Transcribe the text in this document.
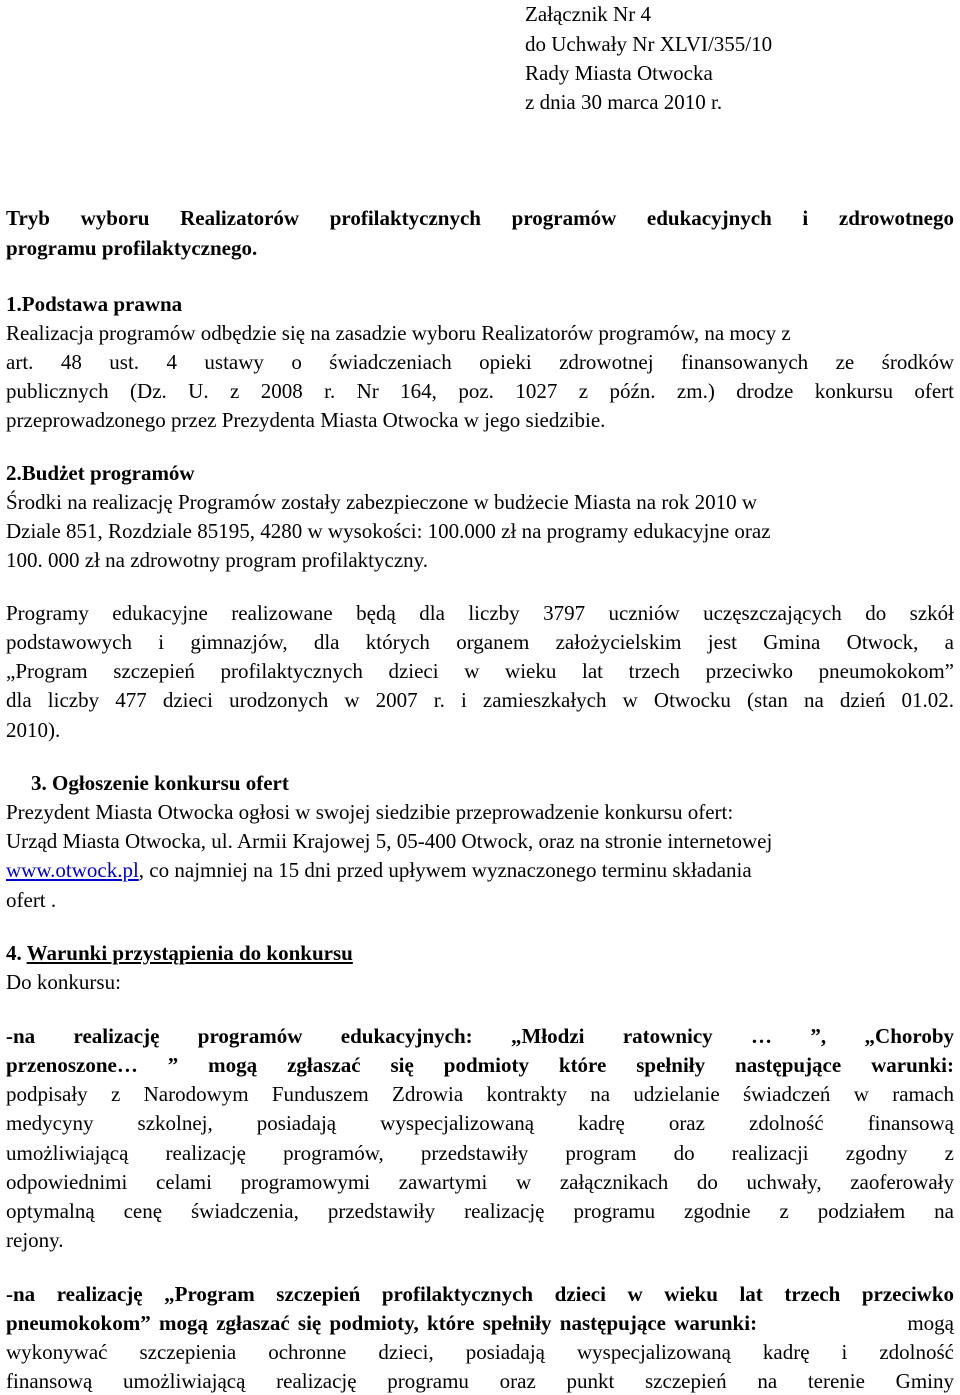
Załącznik Nr 4

do Uchwały Nr XLVI/355/10

Rady Miasta Otwocka

z dnia 30 marca 2010 r.

Tryb wyboru Realizatorów profilaktycznych programów edukacyjnych i zdrowotnego

programu profilaktycznego.

1.Podstawa prawna

Realizacja programów odbędzie się na zasadzie wyboru Realizatorów programów, na mocy z

art. 48 ust. 4 ustawy o świadczeniach opieki zdrowotnej finansowanych ze środków

publicznych (Dz. U. z 2008 r. Nr 164, poz. 1027 z późn. zm.) drodze konkursu ofert

przeprowadzonego przez Prezydenta Miasta Otwocka w jego siedzibie.

2.Budżet programów

Środki na realizację Programów zostały zabezpieczone w budżecie Miasta na rok 2010 w

Dziale 851, Rozdziale 85195, 4280 w wysokości: 100.000 zł na programy edukacyjne oraz

100. 000 zł na zdrowotny program profilaktyczny.

Programy edukacyjne realizowane będą dla liczby 3797 uczniów uczęszczających do szkół

podstawowych i gimnazjów, dla których organem założycielskim jest Gmina Otwock, a

„Program szczepień profilaktycznych dzieci w wieku lat trzech przeciwko pneumokokom”

dla liczby 477 dzieci urodzonych w 2007 r. i zamieszkałych w Otwocku (stan na dzień 01.02.

2010).

3. Ogłoszenie konkursu ofert

Prezydent Miasta Otwocka ogłosi w swojej siedzibie przeprowadzenie konkursu ofert:

Urząd Miasta Otwocka, ul. Armii Krajowej 5, 05-400 Otwock, oraz na stronie internetowej

www.otwock.pl, co najmniej na 15 dni przed upływem wyznaczonego terminu składania

ofert .

4. Warunki przystąpienia do konkursu

Do konkursu:

-na realizację programów edukacyjnych: „Młodzi ratownicy … ”, „Choroby

przenoszone… ” mogą zgłaszać się podmioty które spełniły następujące warunki:

podpisały z Narodowym Funduszem Zdrowia kontrakty na udzielanie świadczeń w ramach

medycyny szkolnej, posiadają wyspecjalizowaną kadrę oraz zdolność finansową

umożliwiającą realizację programów, przedstawiły program do realizacji zgodny z

odpowiednimi celami programowymi zawartymi w załącznikach do uchwały, zaoferowały

optymalną cenę świadczenia, przedstawiły realizację programu zgodnie z podziałem na

rejony.

-na realizację „Program szczepień profilaktycznych dzieci w wieku lat trzech przeciwko

pneumokokom” mogą zgłaszać się podmioty, które spełniły następujące warunki:	mogą

wykonywać szczepienia ochronne dzieci, posiadają wyspecjalizowaną kadrę i zdolność

finansową umożliwiającą realizację programu oraz punkt szczepień na terenie Gminy
